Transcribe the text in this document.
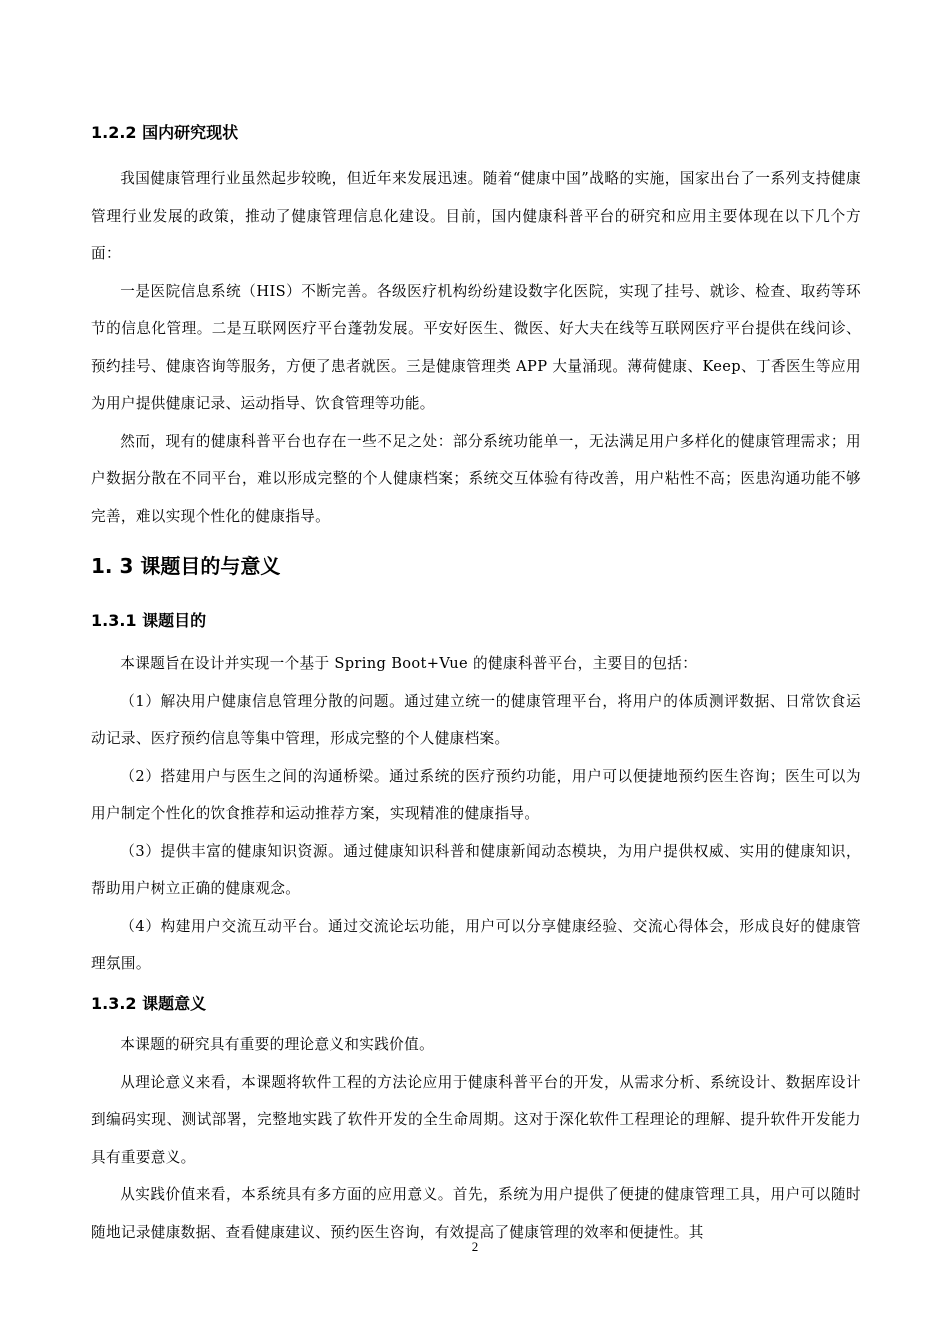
1.2.2 国内研究现状

我国健康管理行业虽然起步较晚，但近年来发展迅速。随着“健康中国”战略的实施，国家出台了一系列支持健康管理行业发展的政策，推动了健康管理信息化建设。目前，国内健康科普平台的研究和应用主要体现在以下几个方面：

一是医院信息系统（HIS）不断完善。各级医疗机构纷纷建设数字化医院，实现了挂号、就诊、检查、取药等环节的信息化管理。二是互联网医疗平台蓬勃发展。平安好医生、微医、好大夫在线等互联网医疗平台提供在线问诊、预约挂号、健康咨询等服务，方便了患者就医。三是健康管理类 APP 大量涌现。薄荷健康、Keep、丁香医生等应用为用户提供健康记录、运动指导、饮食管理等功能。

然而，现有的健康科普平台也存在一些不足之处：部分系统功能单一，无法满足用户多样化的健康管理需求；用户数据分散在不同平台，难以形成完整的个人健康档案；系统交互体验有待改善，用户粘性不高；医患沟通功能不够完善，难以实现个性化的健康指导。

1. 3 课题目的与意义
1.3.1 课题目的

本课题旨在设计并实现一个基于 Spring Boot+Vue 的健康科普平台，主要目的包括：

（1）解决用户健康信息管理分散的问题。通过建立统一的健康管理平台，将用户的体质测评数据、日常饮食运动记录、医疗预约信息等集中管理，形成完整的个人健康档案。

（2）搭建用户与医生之间的沟通桥梁。通过系统的医疗预约功能，用户可以便捷地预约医生咨询；医生可以为用户制定个性化的饮食推荐和运动推荐方案，实现精准的健康指导。

（3）提供丰富的健康知识资源。通过健康知识科普和健康新闻动态模块，为用户提供权威、实用的健康知识，帮助用户树立正确的健康观念。

（4）构建用户交流互动平台。通过交流论坛功能，用户可以分享健康经验、交流心得体会，形成良好的健康管理氛围。

1.3.2 课题意义

本课题的研究具有重要的理论意义和实践价值。

从理论意义来看，本课题将软件工程的方法论应用于健康科普平台的开发，从需求分析、系统设计、数据库设计到编码实现、测试部署，完整地实践了软件开发的全生命周期。这对于深化软件工程理论的理解、提升软件开发能力具有重要意义。

从实践价值来看，本系统具有多方面的应用意义。首先，系统为用户提供了便捷的健康管理工具，用户可以随时随地记录健康数据、查看健康建议、预约医生咨询，有效提高了健康管理的效率和便捷性。其

2
